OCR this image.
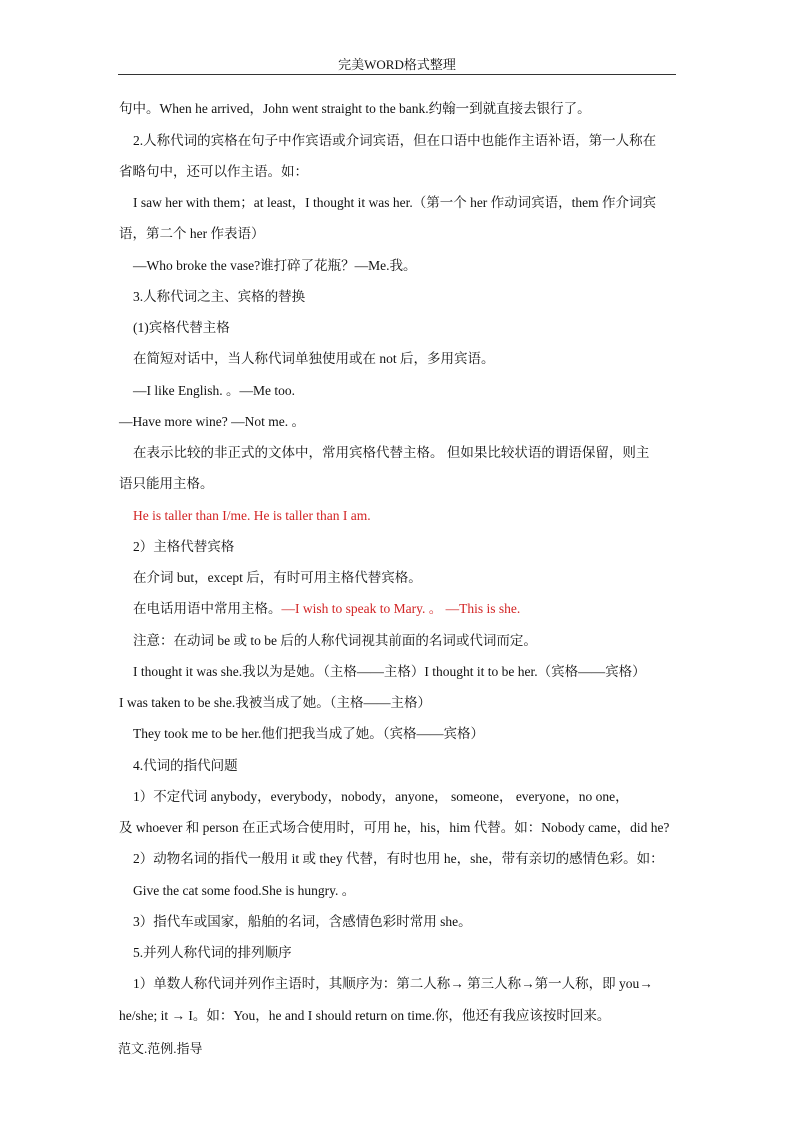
完美WORD格式整理
句中。When he arrived，John went straight to the bank.约翰一到就直接去银行了。
2.人称代词的宾格在句子中作宾语或介词宾语，但在口语中也能作主语补语，第一人称在
省略句中，还可以作主语。如：
I saw her with them；at least，I thought it was her.（第一个 her 作动词宾语，them 作介词宾
语，第二个 her 作表语）
—Who broke the vase?谁打碎了花瓶？—Me.我。
3.人称代词之主、宾格的替换
(1)宾格代替主格
在简短对话中，当人称代词单独使用或在 not 后，多用宾语。
—I like English. 。—Me too.
—Have more wine? —Not me. 。
在表示比较的非正式的文体中，常用宾格代替主格。 但如果比较状语的谓语保留，则主
语只能用主格。
He is taller than I/me. He is taller than I am.
2）主格代替宾格
在介词 but，except 后，有时可用主格代替宾格。
在电话用语中常用主格。—I wish to speak to Mary. 。 —This is she.
注意：在动词 be 或 to be 后的人称代词视其前面的名词或代词而定。
I thought it was she.我以为是她。（主格——主格）I thought it to be her.（宾格——宾格）
I was taken to be she.我被当成了她。（主格——主格）
They took me to be her.他们把我当成了她。（宾格——宾格）
4.代词的指代问题
1）不定代词 anybody，everybody，nobody，anyone， someone， everyone，no one，
及 whoever 和 person 在正式场合使用时，可用 he，his，him 代替。如：Nobody came，did he?
2）动物名词的指代一般用 it 或 they 代替，有时也用 he，she，带有亲切的感情色彩。如：
Give the cat some food.She is hungry. 。
3）指代车或国家，船舶的名词，含感情色彩时常用 she。
5.并列人称代词的排列顺序
1）单数人称代词并列作主语时，其顺序为：第二人称→ 第三人称→第一人称，即 you→
he/she; it → I。如：You，he and I should return on time.你，他还有我应该按时回来。
范文.范例.指导
